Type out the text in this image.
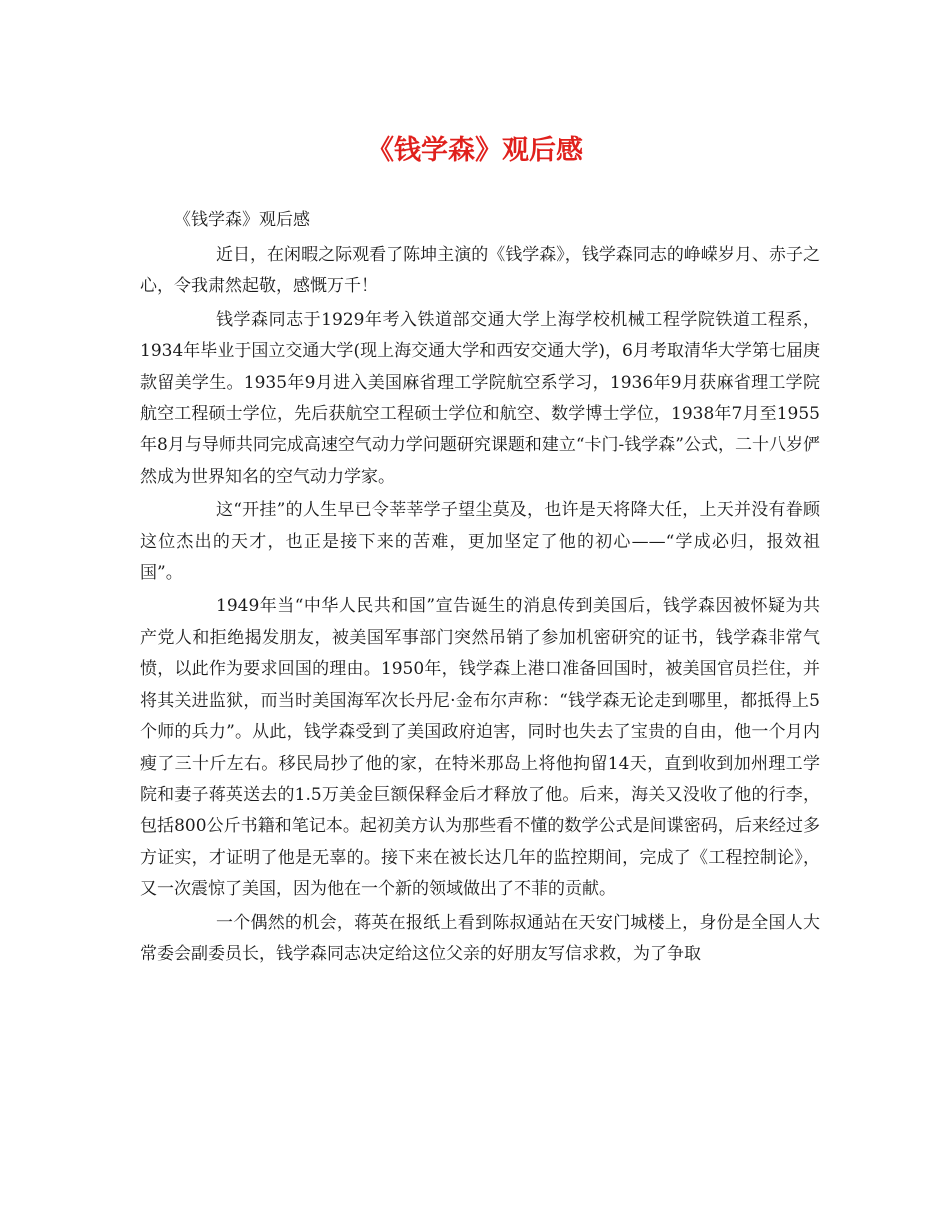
《钱学森》观后感
《钱学森》观后感

近日，在闲暇之际观看了陈坤主演的《钱学森》，钱学森同志的峥嵘岁月、赤子之心，令我肃然起敬，感慨万千！

钱学森同志于1929年考入铁道部交通大学上海学校机械工程学院铁道工程系，1934年毕业于国立交通大学(现上海交通大学和西安交通大学)，6月考取清华大学第七届庚款留美学生。1935年9月进入美国麻省理工学院航空系学习，1936年9月获麻省理工学院航空工程硕士学位，先后获航空工程硕士学位和航空、数学博士学位，1938年7月至1955年8月与导师共同完成高速空气动力学问题研究课题和建立“卡门-钱学森”公式，二十八岁俨然成为世界知名的空气动力学家。

这“开挂”的人生早已令莘莘学子望尘莫及，也许是天将降大任，上天并没有眷顾这位杰出的天才，也正是接下来的苦难，更加坚定了他的初心——“学成必归，报效祖国”。

1949年当“中华人民共和国”宣告诞生的消息传到美国后，钱学森因被怀疑为共产党人和拒绝揭发朋友，被美国军事部门突然吊销了参加机密研究的证书，钱学森非常气愤，以此作为要求回国的理由。1950年，钱学森上港口准备回国时，被美国官员拦住，并将其关进监狱，而当时美国海军次长丹尼·金布尔声称：“钱学森无论走到哪里，都抵得上5 个师的兵力”。从此，钱学森受到了美国政府迫害，同时也失去了宝贵的自由，他一个月内瘦了三十斤左右。移民局抄了他的家，在特米那岛上将他拘留14天，直到收到加州理工学院和妻子蒋英送去的1.5万美金巨额保释金后才释放了他。后来，海关又没收了他的行李，包括800公斤书籍和笔记本。起初美方认为那些看不懂的数学公式是间谍密码，后来经过多方证实，才证明了他是无辜的。接下来在被长达几年的监控期间，完成了《工程控制论》，又一次震惊了美国，因为他在一个新的领域做出了不菲的贡献。

一个偶然的机会，蒋英在报纸上看到陈叔通站在天安门城楼上，身份是全国人大常委会副委员长，钱学森同志决定给这位父亲的好朋友写信求救，为了争取
